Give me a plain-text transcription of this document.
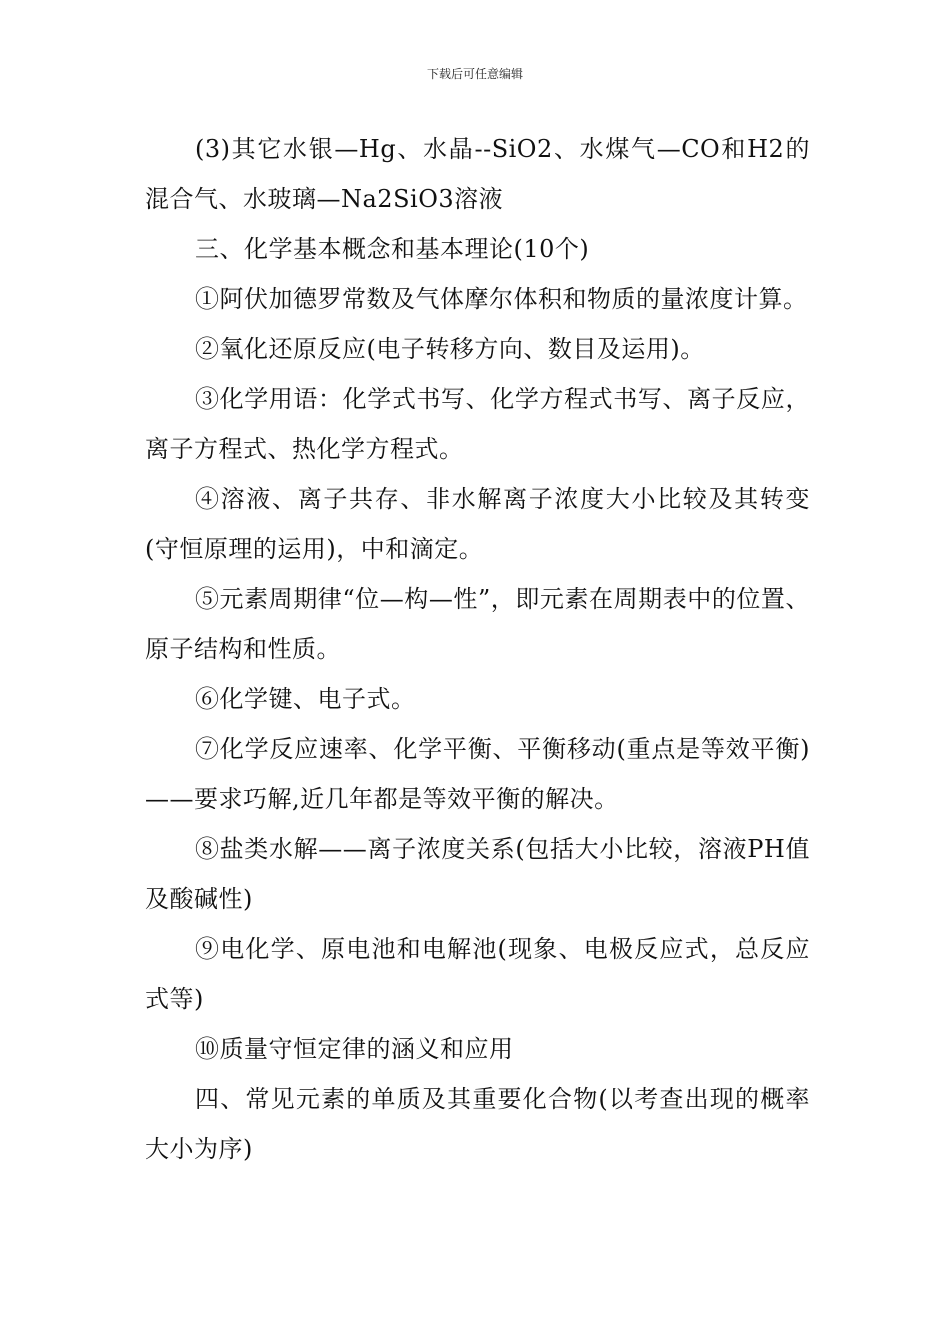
下载后可任意编辑

(3)其它水银—Hg、水晶--SiO2、水煤气—CO和H2的混合气、水玻璃—Na2SiO3溶液

三、化学基本概念和基本理论(10个)

①阿伏加德罗常数及气体摩尔体积和物质的量浓度计算。

②氧化还原反应(电子转移方向、数目及运用)。

③化学用语：化学式书写、化学方程式书写、离子反应，离子方程式、热化学方程式。

④溶液、离子共存、非水解离子浓度大小比较及其转变(守恒原理的运用)，中和滴定。

⑤元素周期律“位—构—性”，即元素在周期表中的位置、原子结构和性质。

⑥化学键、电子式。

⑦化学反应速率、化学平衡、平衡移动(重点是等效平衡)——要求巧解,近几年都是等效平衡的解决。

⑧盐类水解——离子浓度关系(包括大小比较，溶液PH值及酸碱性)

⑨电化学、原电池和电解池(现象、电极反应式，总反应式等)

⑩质量守恒定律的涵义和应用

四、常见元素的单质及其重要化合物(以考查出现的概率大小为序)
